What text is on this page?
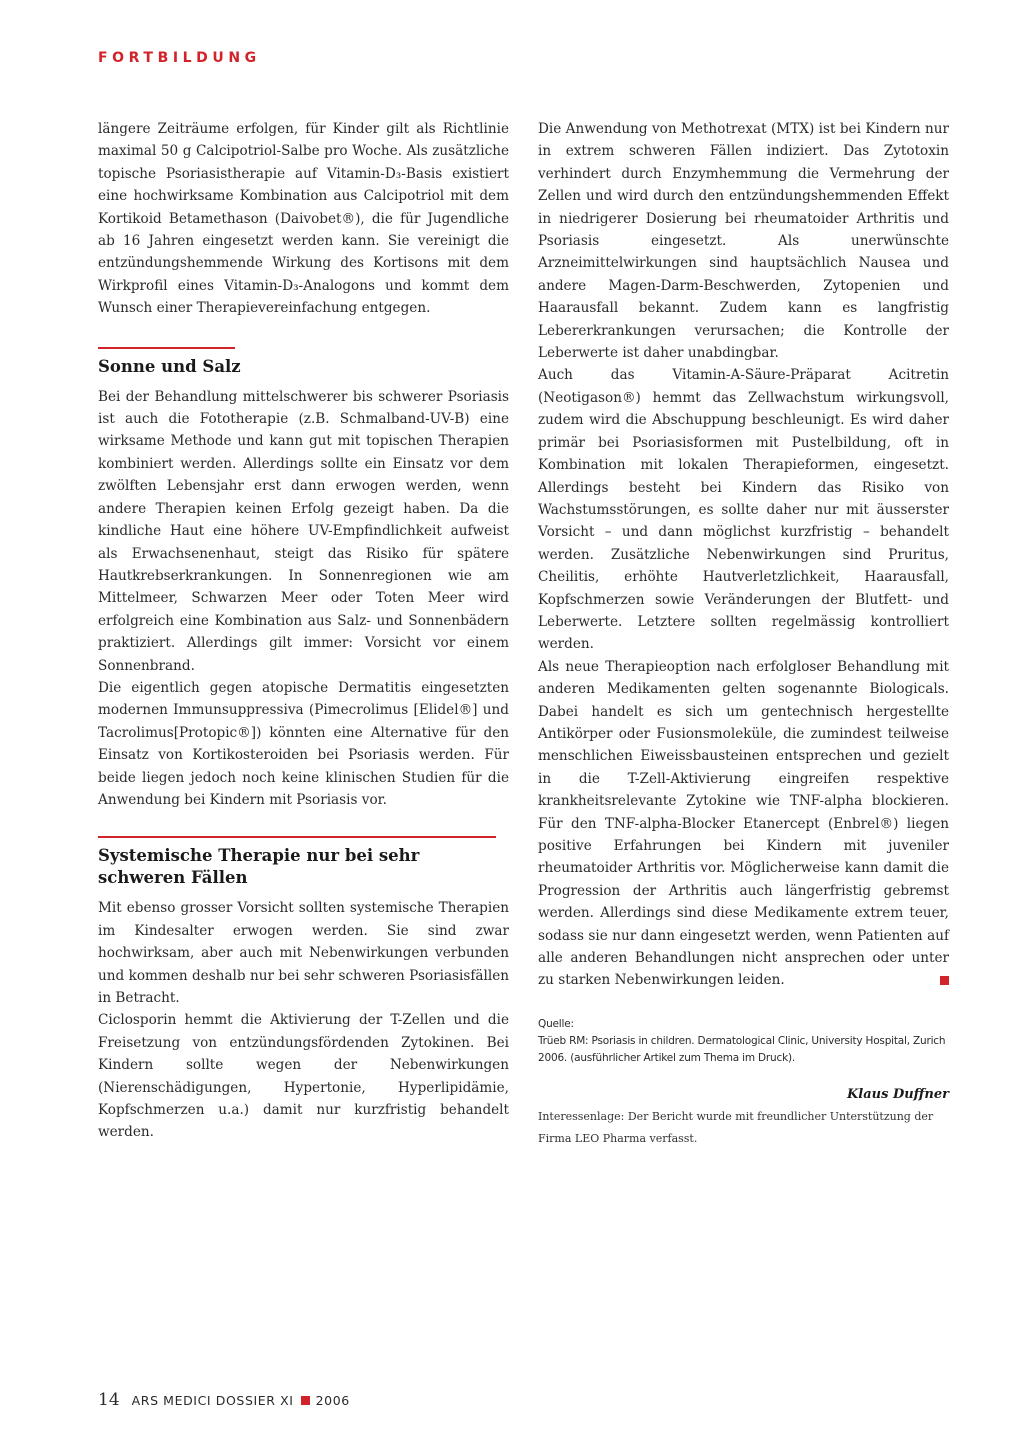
FORTBILDUNG

längere Zeiträume erfolgen, für Kinder gilt als Richtlinie maximal 50 g Calcipotriol-Salbe pro Woche. Als zusätzliche topische Psoriasistherapie auf Vitamin-D₃-Basis existiert eine hochwirksame Kombination aus Calcipotriol mit dem Kortikoid Betamethason (Daivobet®), die für Jugendliche ab 16 Jahren eingesetzt werden kann. Sie vereinigt die entzündungshemmende Wirkung des Kortisons mit dem Wirkprofil eines Vitamin-D₃-Analogons und kommt dem Wunsch einer Therapievereinfachung entgegen.

Sonne und Salz

Bei der Behandlung mittelschwerer bis schwerer Psoriasis ist auch die Fototherapie (z.B. Schmalband-UV-B) eine wirksame Methode und kann gut mit topischen Therapien kombiniert werden. Allerdings sollte ein Einsatz vor dem zwölften Lebensjahr erst dann erwogen werden, wenn andere Therapien keinen Erfolg gezeigt haben. Da die kindliche Haut eine höhere UV-Empfindlichkeit aufweist als Erwachsenenhaut, steigt das Risiko für spätere Hautkrebserkrankungen. In Sonnenregionen wie am Mittelmeer, Schwarzen Meer oder Toten Meer wird erfolgreich eine Kombination aus Salz- und Sonnenbädern praktiziert. Allerdings gilt immer: Vorsicht vor einem Sonnenbrand.

Die eigentlich gegen atopische Dermatitis eingesetzten modernen Immunsuppressiva (Pimecrolimus [Elidel®] und Tacrolimus[Protopic®]) könnten eine Alternative für den Einsatz von Kortikosteroiden bei Psoriasis werden. Für beide liegen jedoch noch keine klinischen Studien für die Anwendung bei Kindern mit Psoriasis vor.

Systemische Therapie nur bei sehr schweren Fällen

Mit ebenso grosser Vorsicht sollten systemische Therapien im Kindesalter erwogen werden. Sie sind zwar hochwirksam, aber auch mit Nebenwirkungen verbunden und kommen deshalb nur bei sehr schweren Psoriasisfällen in Betracht.

Ciclosporin hemmt die Aktivierung der T-Zellen und die Freisetzung von entzündungsfördenden Zytokinen. Bei Kindern sollte wegen der Nebenwirkungen (Nierenschädigungen, Hypertonie, Hyperlipidämie, Kopfschmerzen u.a.) damit nur kurzfristig behandelt werden.

Die Anwendung von Methotrexat (MTX) ist bei Kindern nur in extrem schweren Fällen indiziert. Das Zytotoxin verhindert durch Enzymhemmung die Vermehrung der Zellen und wird durch den entzündungshemmenden Effekt in niedrigerer Dosierung bei rheumatoider Arthritis und Psoriasis eingesetzt. Als unerwünschte Arzneimittelwirkungen sind hauptsächlich Nausea und andere Magen-Darm-Beschwerden, Zytopenien und Haarausfall bekannt. Zudem kann es langfristig Lebererkrankungen verursachen; die Kontrolle der Leberwerte ist daher unabdingbar.

Auch das Vitamin-A-Säure-Präparat Acitretin (Neotigason®) hemmt das Zellwachstum wirkungsvoll, zudem wird die Abschuppung beschleunigt. Es wird daher primär bei Psoriasisformen mit Pustelbildung, oft in Kombination mit lokalen Therapieformen, eingesetzt. Allerdings besteht bei Kindern das Risiko von Wachstumsstörungen, es sollte daher nur mit äusserster Vorsicht – und dann möglichst kurzfristig – behandelt werden. Zusätzliche Nebenwirkungen sind Pruritus, Cheilitis, erhöhte Hautverletzlichkeit, Haarausfall, Kopfschmerzen sowie Veränderungen der Blutfett- und Leberwerte. Letztere sollten regelmässig kontrolliert werden.

Als neue Therapieoption nach erfolgloser Behandlung mit anderen Medikamenten gelten sogenannte Biologicals. Dabei handelt es sich um gentechnisch hergestellte Antikörper oder Fusionsmoleküle, die zumindest teilweise menschlichen Eiweissbausteinen entsprechen und gezielt in die T-Zell-Aktivierung eingreifen respektive krankheitsrelevante Zytokine wie TNF-alpha blockieren. Für den TNF-alpha-Blocker Etanercept (Enbrel®) liegen positive Erfahrungen bei Kindern mit juveniler rheumatoider Arthritis vor. Möglicherweise kann damit die Progression der Arthritis auch längerfristig gebremst werden. Allerdings sind diese Medikamente extrem teuer, sodass sie nur dann eingesetzt werden, wenn Patienten auf alle anderen Behandlungen nicht ansprechen oder unter zu starken Nebenwirkungen leiden.

Quelle:
Trüeb RM: Psoriasis in children. Dermatological Clinic, University Hospital, Zurich 2006. (ausführlicher Artikel zum Thema im Druck).
Klaus Duffner

Interessenlage: Der Bericht wurde mit freundlicher Unterstützung der Firma LEO Pharma verfasst.

14 ARS MEDICI DOSSIER XI 2006
